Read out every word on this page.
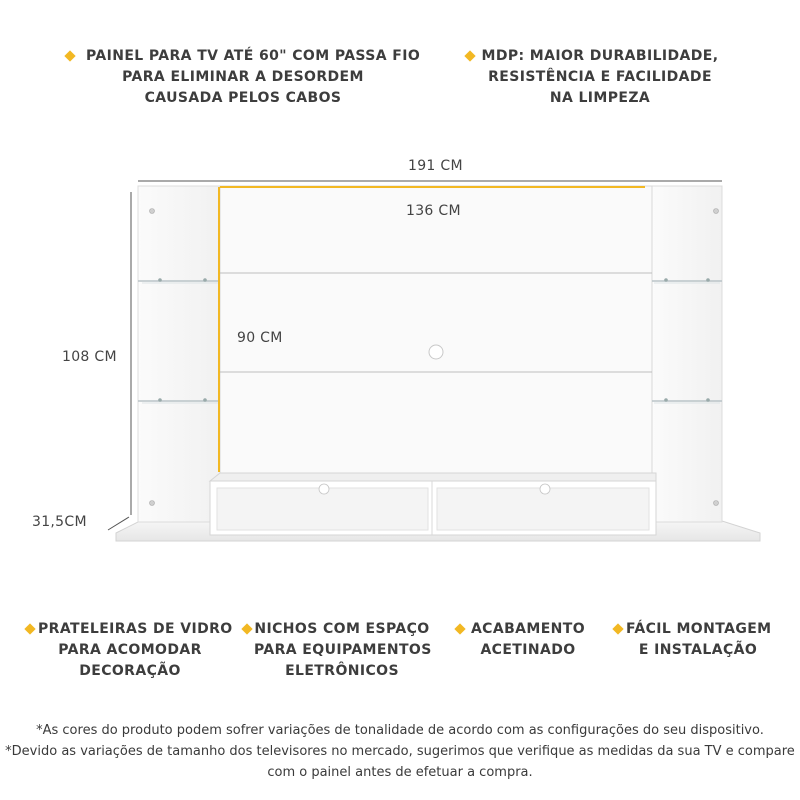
PAINEL PARA TV ATÉ 60" COM PASSA FIO
PARA ELIMINAR A DESORDEM
CAUSADA PELOS CABOS
MDP: MAIOR DURABILIDADE,
RESISTÊNCIA E FACILIDADE
NA LIMPEZA
191 CM
136 CM
90 CM
108 CM
31,5CM
PRATELEIRAS DE VIDRO
PARA ACOMODAR
DECORAÇÃO
NICHOS COM ESPAÇO
PARA EQUIPAMENTOS
ELETRÔNICOS
ACABAMENTO
ACETINADO
FÁCIL MONTAGEM
E INSTALAÇÃO
*As cores do produto podem sofrer variações de tonalidade de acordo com as configurações do seu dispositivo.
*Devido as variações de tamanho dos televisores no mercado, sugerimos que verifique as medidas da sua TV e compare
com o painel antes de efetuar a compra.
